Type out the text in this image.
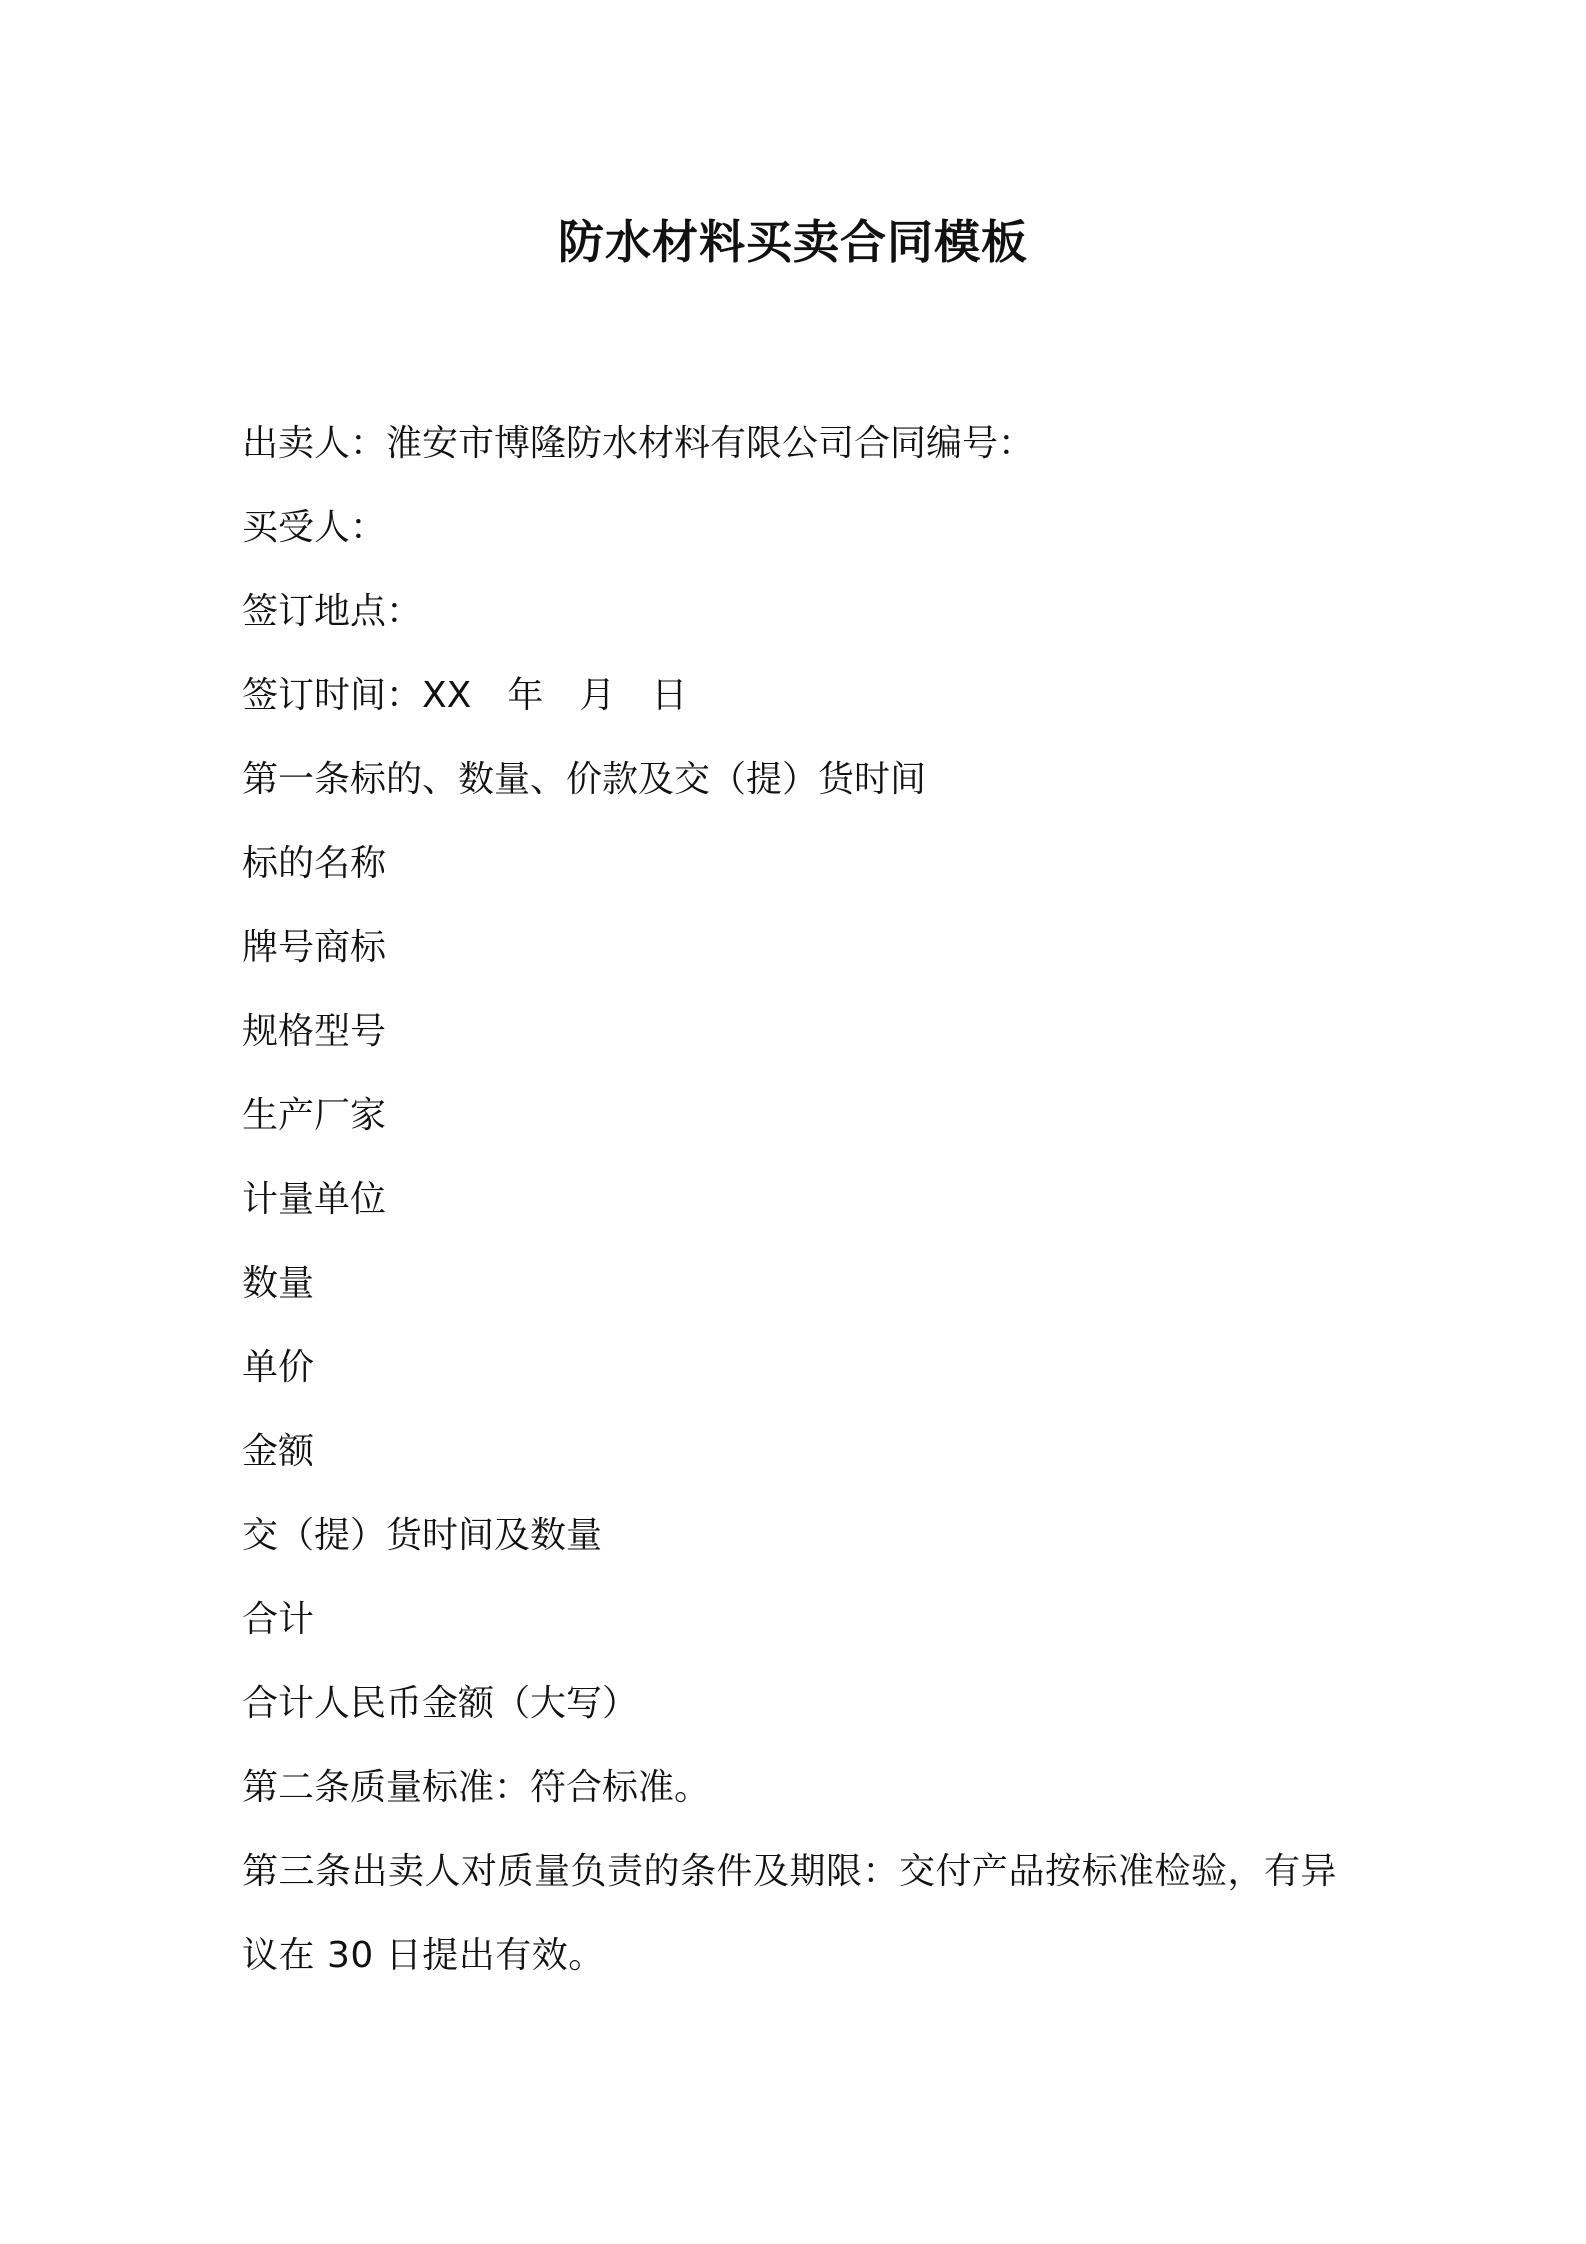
防水材料买卖合同模板

出卖人：淮安市博隆防水材料有限公司合同编号：

买受人：

签订地点：

签订时间：XX　年　月　日

第一条标的、数量、价款及交（提）货时间

标的名称

牌号商标

规格型号

生产厂家

计量单位

数量

单价

金额

交（提）货时间及数量

合计

合计人民币金额（大写）

第二条质量标准：符合标准。

第三条出卖人对质量负责的条件及期限：交付产品按标准检验，有异议在 30 日提出有效。
